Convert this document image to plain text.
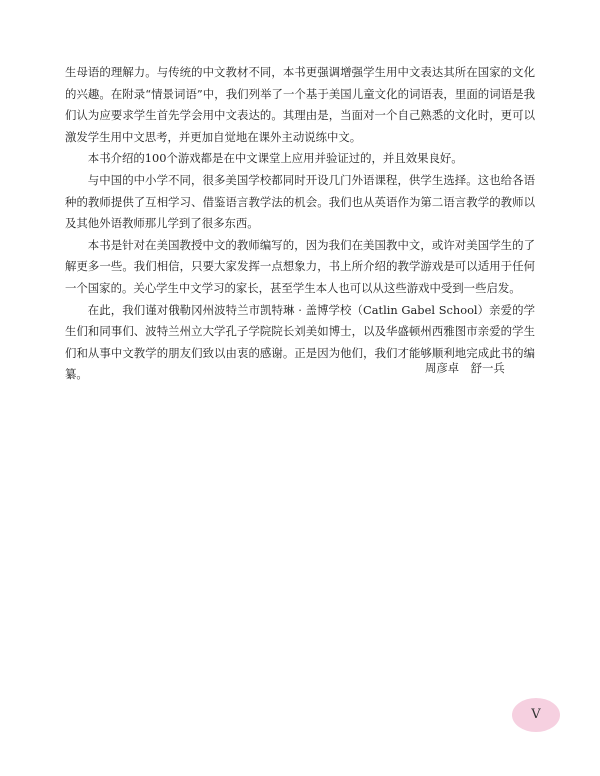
生母语的理解力。与传统的中文教材不同，本书更强调增强学生用中文表达其所在国家的文化的兴趣。在附录“情景词语”中，我们列举了一个基于美国儿童文化的词语表，里面的词语是我们认为应要求学生首先学会用中文表达的。其理由是，当面对一个自己熟悉的文化时，更可以激发学生用中文思考，并更加自觉地在课外主动说练中文。

本书介绍的100个游戏都是在中文课堂上应用并验证过的，并且效果良好。

与中国的中小学不同，很多美国学校都同时开设几门外语课程，供学生选择。这也给各语种的教师提供了互相学习、借鉴语言教学法的机会。我们也从英语作为第二语言教学的教师以及其他外语教师那儿学到了很多东西。

本书是针对在美国教授中文的教师编写的，因为我们在美国教中文，或许对美国学生的了解更多一些。我们相信，只要大家发挥一点想象力，书上所介绍的教学游戏是可以适用于任何一个国家的。关心学生中文学习的家长，甚至学生本人也可以从这些游戏中受到一些启发。

在此，我们谨对俄勒冈州波特兰市凯特琳 · 盖博学校（Catlin Gabel School）亲爱的学生们和同事们、波特兰州立大学孔子学院院长刘美如博士，以及华盛顿州西雅图市亲爱的学生们和从事中文教学的朋友们致以由衷的感谢。正是因为他们，我们才能够顺利地完成此书的编纂。	周彦卓　舒一兵
V
